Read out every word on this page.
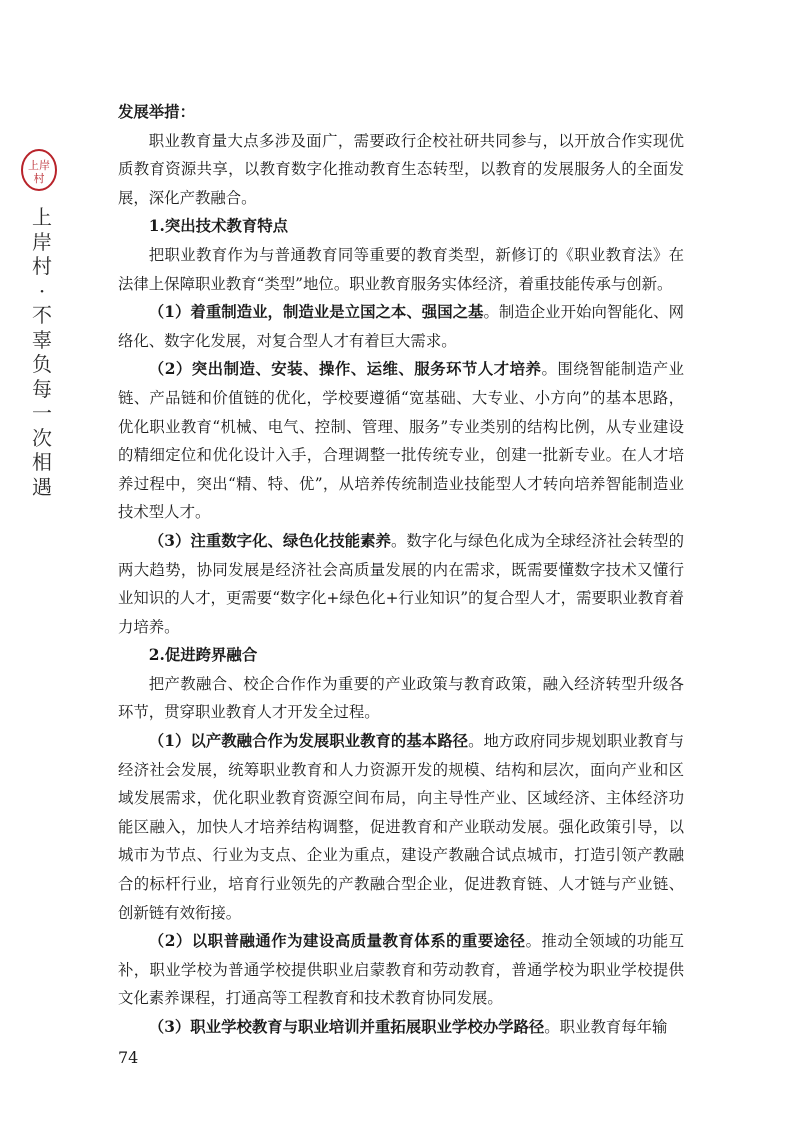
上岸
村
上
岸
村
·
不
辜
负
每
一
次
相
遇

发展举措：

职业教育量大点多涉及面广，需要政行企校社研共同参与，以开放合作实现优质教育资源共享，以教育数字化推动教育生态转型，以教育的发展服务人的全面发展，深化产教融合。

1.突出技术教育特点

把职业教育作为与普通教育同等重要的教育类型，新修订的《职业教育法》在法律上保障职业教育“类型”地位。职业教育服务实体经济，着重技能传承与创新。

（1）着重制造业，制造业是立国之本、强国之基。制造企业开始向智能化、网络化、数字化发展，对复合型人才有着巨大需求。

（2）突出制造、安装、操作、运维、服务环节人才培养。围绕智能制造产业链、产品链和价值链的优化，学校要遵循“宽基础、大专业、小方向”的基本思路，优化职业教育“机械、电气、控制、管理、服务”专业类别的结构比例，从专业建设的精细定位和优化设计入手，合理调整一批传统专业，创建一批新专业。在人才培养过程中，突出“精、特、优”，从培养传统制造业技能型人才转向培养智能制造业技术型人才。

（3）注重数字化、绿色化技能素养。数字化与绿色化成为全球经济社会转型的两大趋势，协同发展是经济社会高质量发展的内在需求，既需要懂数字技术又懂行业知识的人才，更需要“数字化+绿色化+行业知识”的复合型人才，需要职业教育着力培养。

2.促进跨界融合

把产教融合、校企合作作为重要的产业政策与教育政策，融入经济转型升级各环节，贯穿职业教育人才开发全过程。

（1）以产教融合作为发展职业教育的基本路径。地方政府同步规划职业教育与经济社会发展，统筹职业教育和人力资源开发的规模、结构和层次，面向产业和区域发展需求，优化职业教育资源空间布局，向主导性产业、区域经济、主体经济功能区融入，加快人才培养结构调整，促进教育和产业联动发展。强化政策引导，以城市为节点、行业为支点、企业为重点，建设产教融合试点城市，打造引领产教融合的标杆行业，培育行业领先的产教融合型企业，促进教育链、人才链与产业链、创新链有效衔接。

（2）以职普融通作为建设高质量教育体系的重要途径。推动全领域的功能互补，职业学校为普通学校提供职业启蒙教育和劳动教育，普通学校为职业学校提供文化素养课程，打通高等工程教育和技术教育协同发展。

（3）职业学校教育与职业培训并重拓展职业学校办学路径。职业教育每年输

74
